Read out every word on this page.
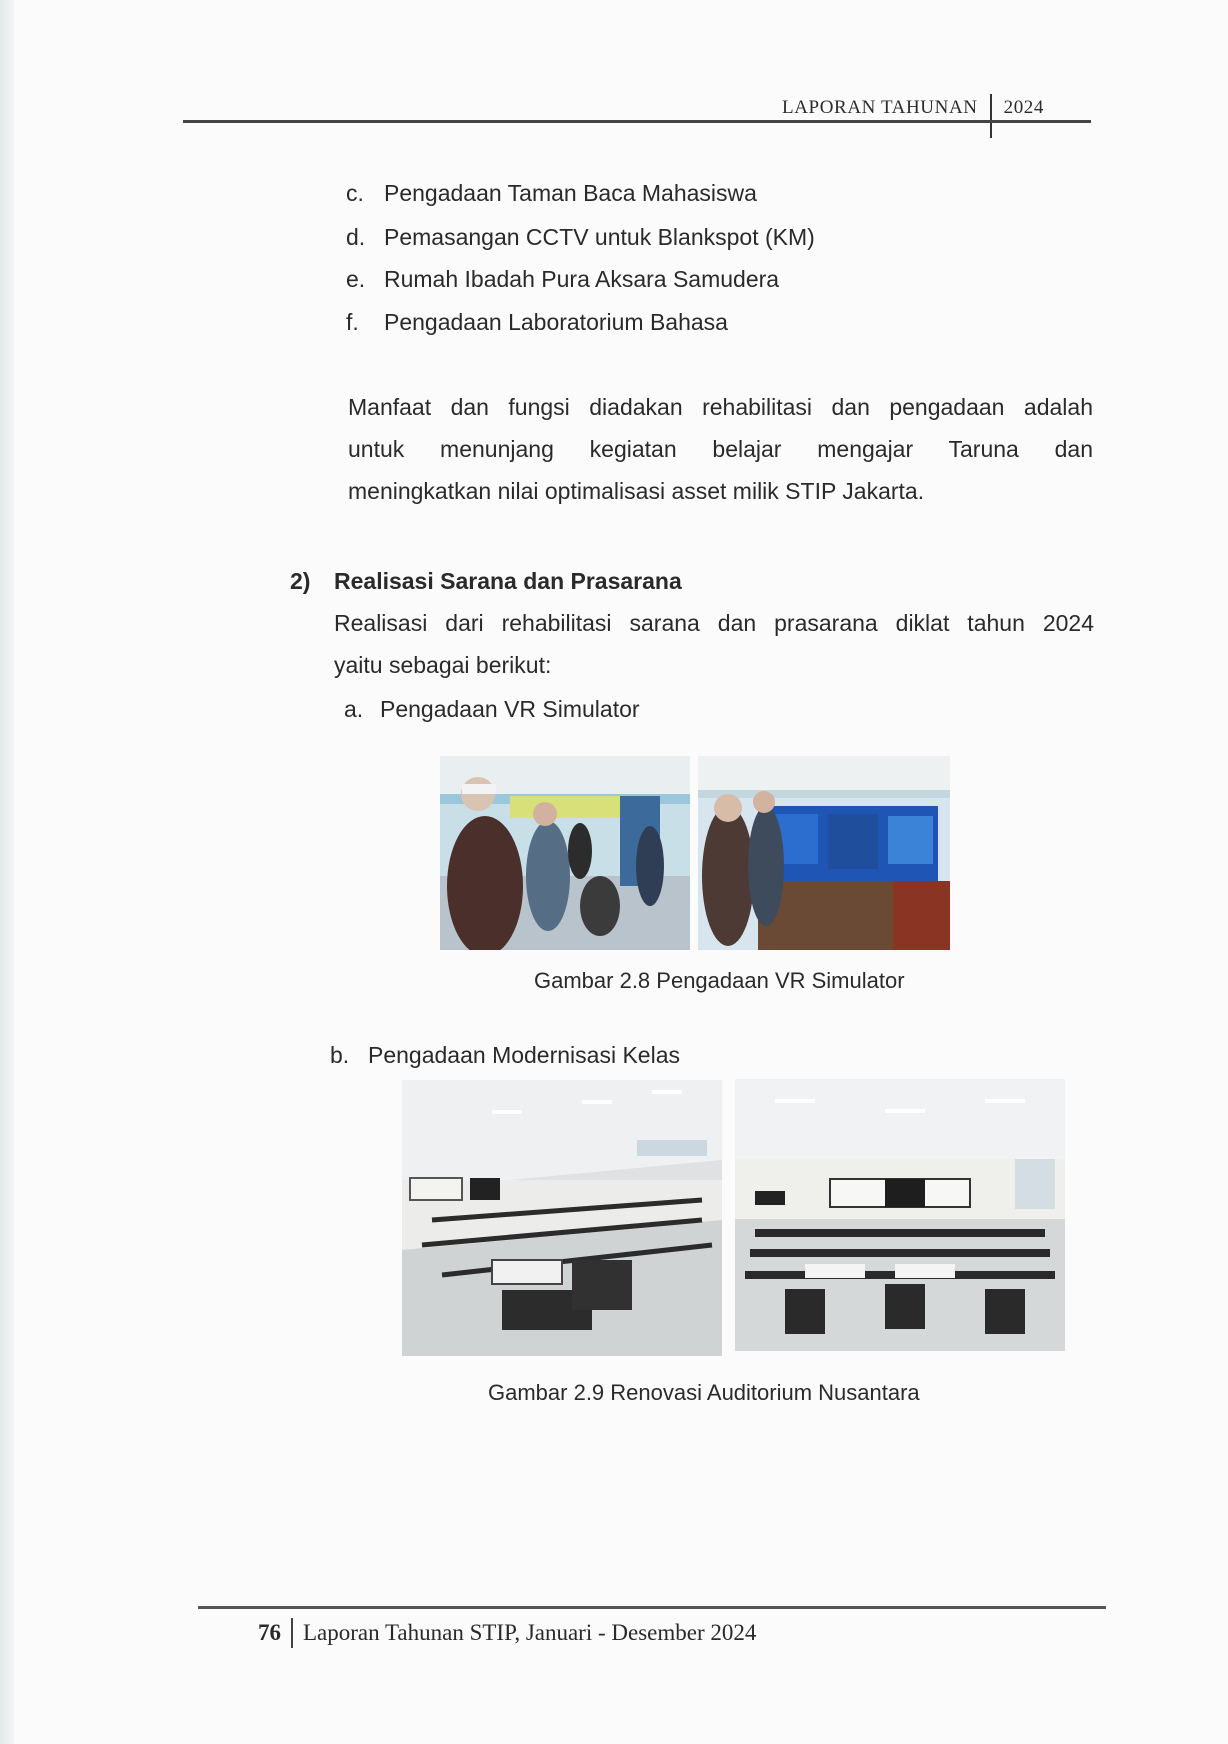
LAPORAN TAHUNAN 2024
c. Pengadaan Taman Baca Mahasiswa
d. Pemasangan CCTV untuk Blankspot (KM)
e. Rumah Ibadah Pura Aksara Samudera
f.	Pengadaan Laboratorium Bahasa
Manfaat dan fungsi diadakan rehabilitasi dan pengadaan adalah
untuk menunjang kegiatan belajar mengajar Taruna dan
meningkatkan nilai optimalisasi asset milik STIP Jakarta.
2)	Realisasi Sarana dan Prasarana
Realisasi dari rehabilitasi sarana dan prasarana diklat tahun 2024
yaitu sebagai berikut:
a. Pengadaan VR Simulator
Gambar 2.8 Pengadaan VR Simulator
b. Pengadaan Modernisasi Kelas
Gambar 2.9 Renovasi Auditorium Nusantara
76 Laporan Tahunan STIP, Januari - Desember 2024
